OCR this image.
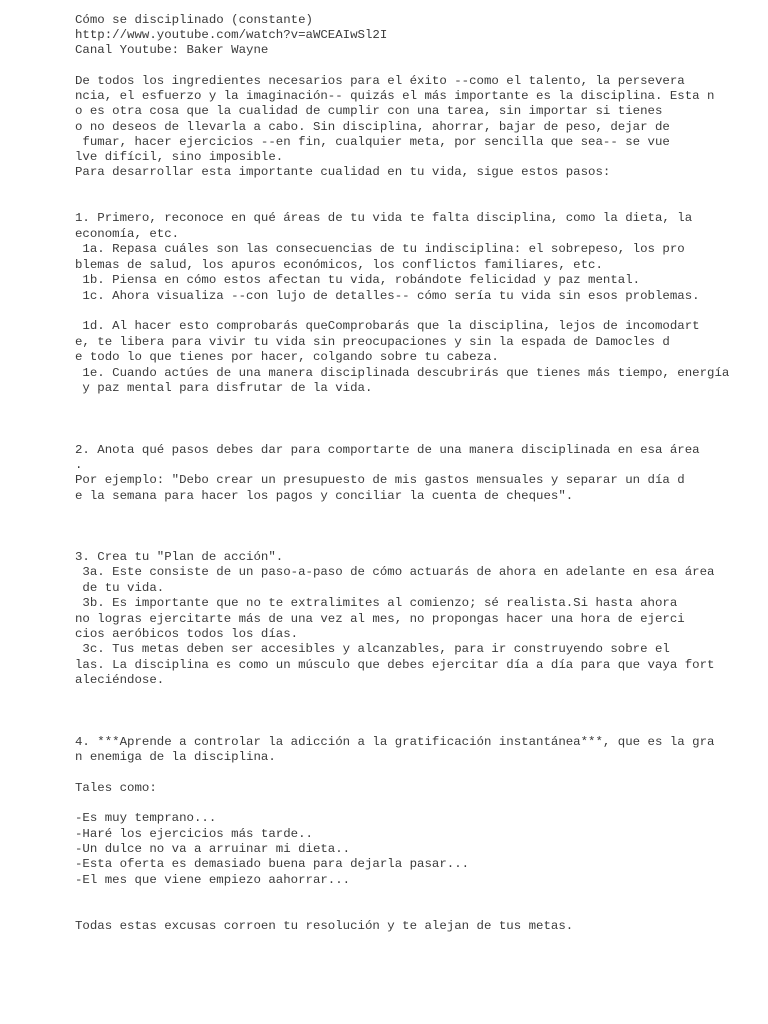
Cómo se disciplinado (constante)

http://www.youtube.com/watch?v=aWCEAIwSl2I

Canal Youtube: Baker Wayne

De todos los ingredientes necesarios para el éxito --como el talento, la persevera

ncia, el esfuerzo y la imaginación-- quizás el más importante es la disciplina. Esta n

o es otra cosa que la cualidad de cumplir con una tarea, sin importar si tienes

o no deseos de llevarla a cabo. Sin disciplina, ahorrar, bajar de peso, dejar de

fumar, hacer ejercicios --en fin, cualquier meta, por sencilla que sea-- se vue

lve difícil, sino imposible.

Para desarrollar esta importante cualidad en tu vida, sigue estos pasos:

1. Primero, reconoce en qué áreas de tu vida te falta disciplina, como la dieta, la

economía, etc.

1a. Repasa cuáles son las consecuencias de tu indisciplina: el sobrepeso, los pro

blemas de salud, los apuros económicos, los conflictos familiares, etc.

1b. Piensa en cómo estos afectan tu vida, robándote felicidad y paz mental.

1c. Ahora visualiza --con lujo de detalles-- cómo sería tu vida sin esos problemas.

1d. Al hacer esto comprobarás queComprobarás que la disciplina, lejos de incomodart

e, te libera para vivir tu vida sin preocupaciones y sin la espada de Damocles d

e todo lo que tienes por hacer, colgando sobre tu cabeza.

1e. Cuando actúes de una manera disciplinada descubrirás que tienes más tiempo, energía

y paz mental para disfrutar de la vida.

2. Anota qué pasos debes dar para comportarte de una manera disciplinada en esa área

.

Por ejemplo: "Debo crear un presupuesto de mis gastos mensuales y separar un día d

e la semana para hacer los pagos y conciliar la cuenta de cheques".

3. Crea tu "Plan de acción".

3a. Este consiste de un paso-a-paso de cómo actuarás de ahora en adelante en esa área

de tu vida.

3b. Es importante que no te extralimites al comienzo; sé realista.Si hasta ahora

no logras ejercitarte más de una vez al mes, no propongas hacer una hora de ejerci

cios aeróbicos todos los días.

3c. Tus metas deben ser accesibles y alcanzables, para ir construyendo sobre el

las. La disciplina es como un músculo que debes ejercitar día a día para que vaya fort

aleciéndose.

4. ***Aprende a controlar la adicción a la gratificación instantánea***, que es la gra

n enemiga de la disciplina.

Tales como:

-Es muy temprano...

-Haré los ejercicios más tarde..

-Un dulce no va a arruinar mi dieta..

-Esta oferta es demasiado buena para dejarla pasar...

-El mes que viene empiezo aahorrar...

Todas estas excusas corroen tu resolución y te alejan de tus metas.
